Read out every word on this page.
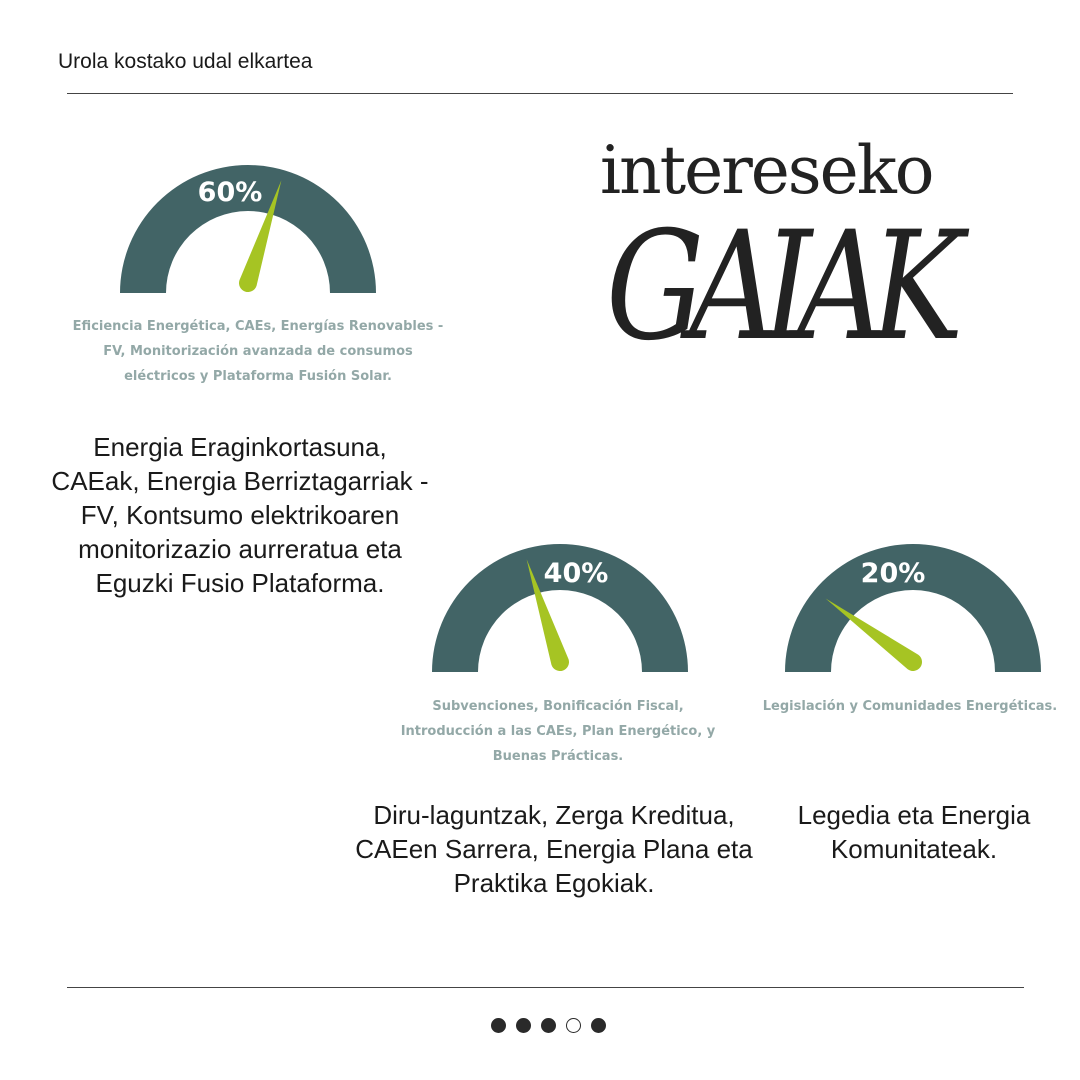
Urola kostako udal elkartea
intereseko
GAIAK
60%
Eficiencia Energética, CAEs, Energías Renovables - FV, Monitorización avanzada de consumos eléctricos y Plataforma Fusión Solar.
Energia Eraginkortasuna, CAEak, Energia Berriztagarriak - FV, Kontsumo elektrikoaren monitorizazio aurreratua eta Eguzki Fusio Plataforma.	40%
Subvenciones, Bonificación Fiscal, Introducción a las CAEs, Plan Energético, y Buenas Prácticas.
Diru-laguntzak, Zerga Kreditua, CAEen Sarrera, Energia Plana eta Praktika Egokiak.
20%
Legislación y Comunidades Energéticas.
Legedia eta Energia Komunitateak.
